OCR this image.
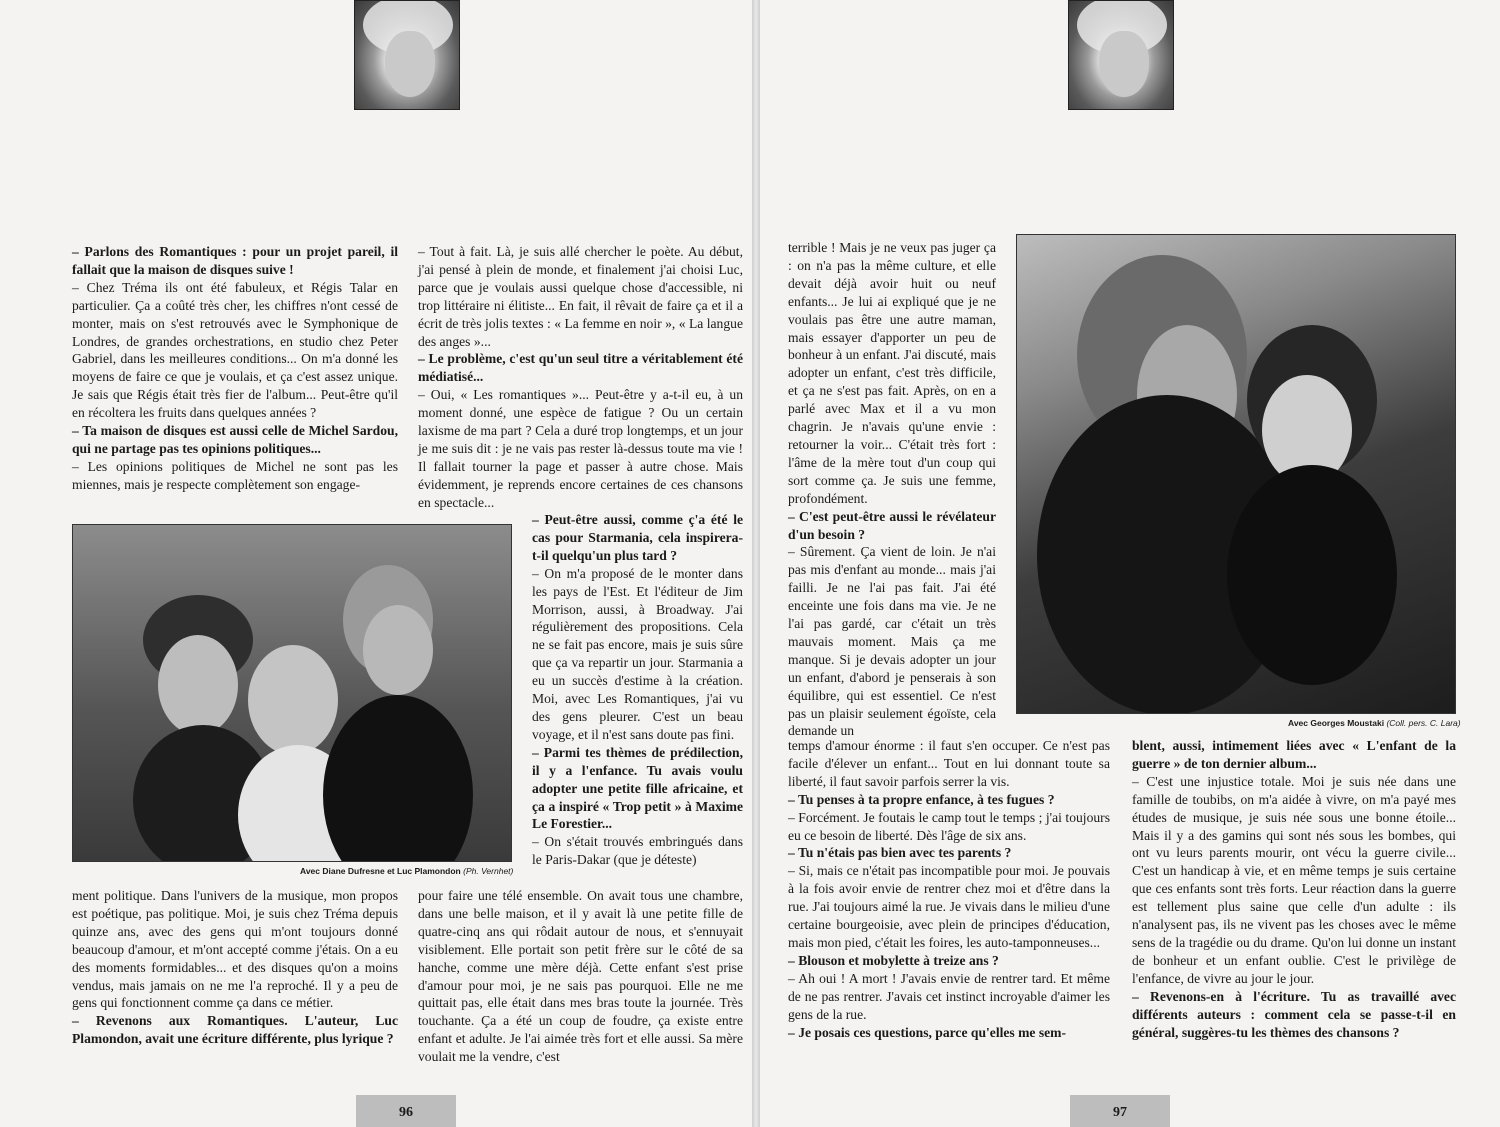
– Parlons des Romantiques : pour un projet pareil, il fallait que la maison de disques suive !

– Chez Tréma ils ont été fabuleux, et Régis Talar en particulier. Ça a coûté très cher, les chiffres n'ont cessé de monter, mais on s'est retrouvés avec le Symphonique de Londres, de grandes orchestrations, en studio chez Peter Gabriel, dans les meilleures conditions... On m'a donné les moyens de faire ce que je voulais, et ça c'est assez unique. Je sais que Régis était très fier de l'album... Peut-être qu'il en récoltera les fruits dans quelques années ?

– Ta maison de disques est aussi celle de Michel Sardou, qui ne partage pas tes opinions politiques...

– Les opinions politiques de Michel ne sont pas les miennes, mais je respecte complètement son engage-

– Tout à fait. Là, je suis allé chercher le poète. Au début, j'ai pensé à plein de monde, et finalement j'ai choisi Luc, parce que je voulais aussi quelque chose d'accessible, ni trop littéraire ni élitiste... En fait, il rêvait de faire ça et il a écrit de très jolis textes : « La femme en noir », « La langue des anges »...

– Le problème, c'est qu'un seul titre a véritablement été médiatisé...

– Oui, « Les romantiques »... Peut-être y a-t-il eu, à un moment donné, une espèce de fatigue ? Ou un certain laxisme de ma part ? Cela a duré trop longtemps, et un jour je me suis dit : je ne vais pas rester là-dessus toute ma vie ! Il fallait tourner la page et passer à autre chose. Mais évidemment, je reprends encore certaines de ces chansons en spectacle...

– Peut-être aussi, comme ç'a été le cas pour Starmania, cela inspirera-t-il quelqu'un plus tard ?

– On m'a proposé de le monter dans les pays de l'Est. Et l'éditeur de Jim Morrison, aussi, à Broadway. J'ai régulièrement des propositions. Cela ne se fait pas encore, mais je suis sûre que ça va repartir un jour. Starmania a eu un succès d'estime à la création. Moi, avec Les Romantiques, j'ai vu des gens pleurer. C'est un beau voyage, et il n'est sans doute pas fini.

– Parmi tes thèmes de prédilection, il y a l'enfance. Tu avais voulu adopter une petite fille africaine, et ça a inspiré « Trop petit » à Maxime Le Forestier...

– On s'était trouvés embringués dans le Paris-Dakar (que je déteste)

Avec Diane Dufresne et Luc Plamondon (Ph. Vernhet)

ment politique. Dans l'univers de la musique, mon propos est poétique, pas politique. Moi, je suis chez Tréma depuis quinze ans, avec des gens qui m'ont toujours donné beaucoup d'amour, et m'ont accepté comme j'étais. On a eu des moments formidables... et des disques qu'on a moins vendus, mais jamais on ne me l'a reproché. Il y a peu de gens qui fonctionnent comme ça dans ce métier.

– Revenons aux Romantiques. L'auteur, Luc Plamondon, avait une écriture différente, plus lyrique ?

pour faire une télé ensemble. On avait tous une chambre, dans une belle maison, et il y avait là une petite fille de quatre-cinq ans qui rôdait autour de nous, et s'ennuyait visiblement. Elle portait son petit frère sur le côté de sa hanche, comme une mère déjà. Cette enfant s'est prise d'amour pour moi, je ne sais pas pourquoi. Elle ne me quittait pas, elle était dans mes bras toute la journée. Très touchante. Ça a été un coup de foudre, ça existe entre enfant et adulte. Je l'ai aimée très fort et elle aussi. Sa mère voulait me la vendre, c'est

96

terrible ! Mais je ne veux pas juger ça : on n'a pas la même culture, et elle devait déjà avoir huit ou neuf enfants... Je lui ai expliqué que je ne voulais pas être une autre maman, mais essayer d'apporter un peu de bonheur à un enfant. J'ai discuté, mais adopter un enfant, c'est très difficile, et ça ne s'est pas fait. Après, on en a parlé avec Max et il a vu mon chagrin. Je n'avais qu'une envie : retourner la voir... C'était très fort : l'âme de la mère tout d'un coup qui sort comme ça. Je suis une femme, profondément.

– C'est peut-être aussi le révélateur d'un besoin ?

– Sûrement. Ça vient de loin. Je n'ai pas mis d'enfant au monde... mais j'ai failli. Je ne l'ai pas fait. J'ai été enceinte une fois dans ma vie. Je ne l'ai pas gardé, car c'était un très mauvais moment. Mais ça me manque. Si je devais adopter un jour un enfant, d'abord je penserais à son équilibre, qui est essentiel. Ce n'est pas un plaisir seulement égoïste, cela demande un

Avec Georges Moustaki (Coll. pers. C. Lara)

temps d'amour énorme : il faut s'en occuper. Ce n'est pas facile d'élever un enfant... Tout en lui donnant toute sa liberté, il faut savoir parfois serrer la vis.

– Tu penses à ta propre enfance, à tes fugues ?

– Forcément. Je foutais le camp tout le temps ; j'ai toujours eu ce besoin de liberté. Dès l'âge de six ans.

– Tu n'étais pas bien avec tes parents ?

– Si, mais ce n'était pas incompatible pour moi. Je pouvais à la fois avoir envie de rentrer chez moi et d'être dans la rue. J'ai toujours aimé la rue. Je vivais dans le milieu d'une certaine bourgeoisie, avec plein de principes d'éducation, mais mon pied, c'était les foires, les auto-tamponneuses...

– Blouson et mobylette à treize ans ?

– Ah oui ! A mort ! J'avais envie de rentrer tard. Et même de ne pas rentrer. J'avais cet instinct incroyable d'aimer les gens de la rue.

– Je posais ces questions, parce qu'elles me sem-

blent, aussi, intimement liées avec « L'enfant de la guerre » de ton dernier album...

– C'est une injustice totale. Moi je suis née dans une famille de toubibs, on m'a aidée à vivre, on m'a payé mes études de musique, je suis née sous une bonne étoile... Mais il y a des gamins qui sont nés sous les bombes, qui ont vu leurs parents mourir, ont vécu la guerre civile... C'est un handicap à vie, et en même temps je suis certaine que ces enfants sont très forts. Leur réaction dans la guerre est tellement plus saine que celle d'un adulte : ils n'analysent pas, ils ne vivent pas les choses avec le même sens de la tragédie ou du drame. Qu'on lui donne un instant de bonheur et un enfant oublie. C'est le privilège de l'enfance, de vivre au jour le jour.

– Revenons-en à l'écriture. Tu as travaillé avec différents auteurs : comment cela se passe-t-il en général, suggères-tu les thèmes des chansons ?

97
